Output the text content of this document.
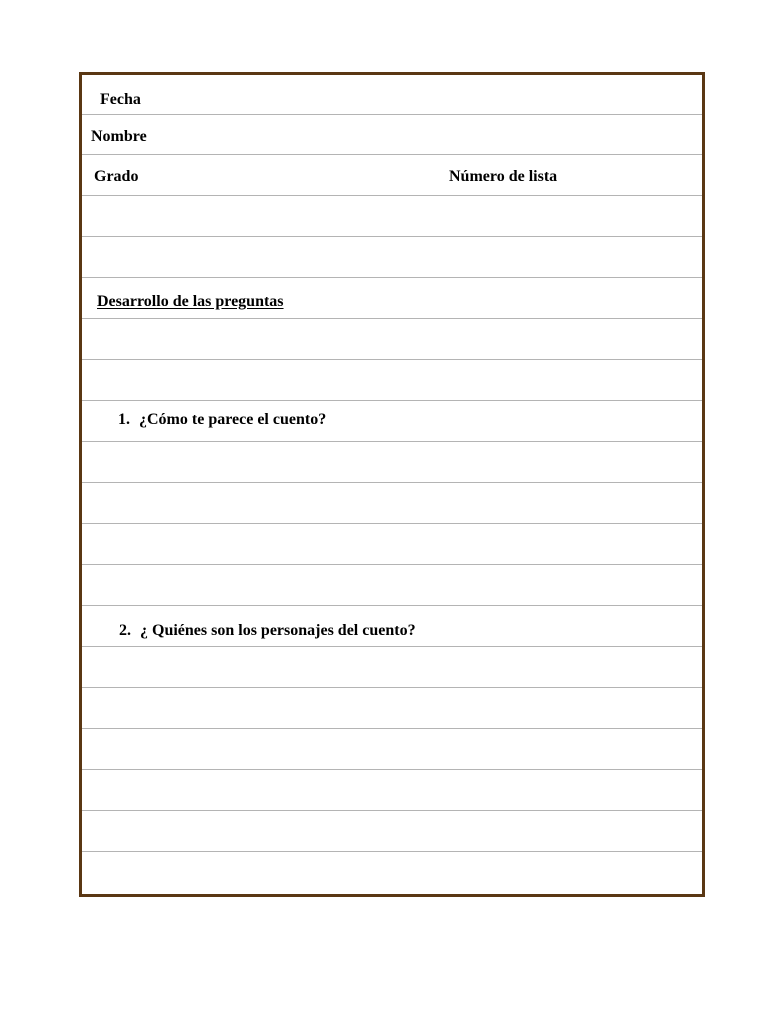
Fecha
Nombre
Grado	Número de lista
Desarrollo de las preguntas
1. ¿Cómo te parece el cuento?
2. ¿ Quiénes son los personajes del cuento?
